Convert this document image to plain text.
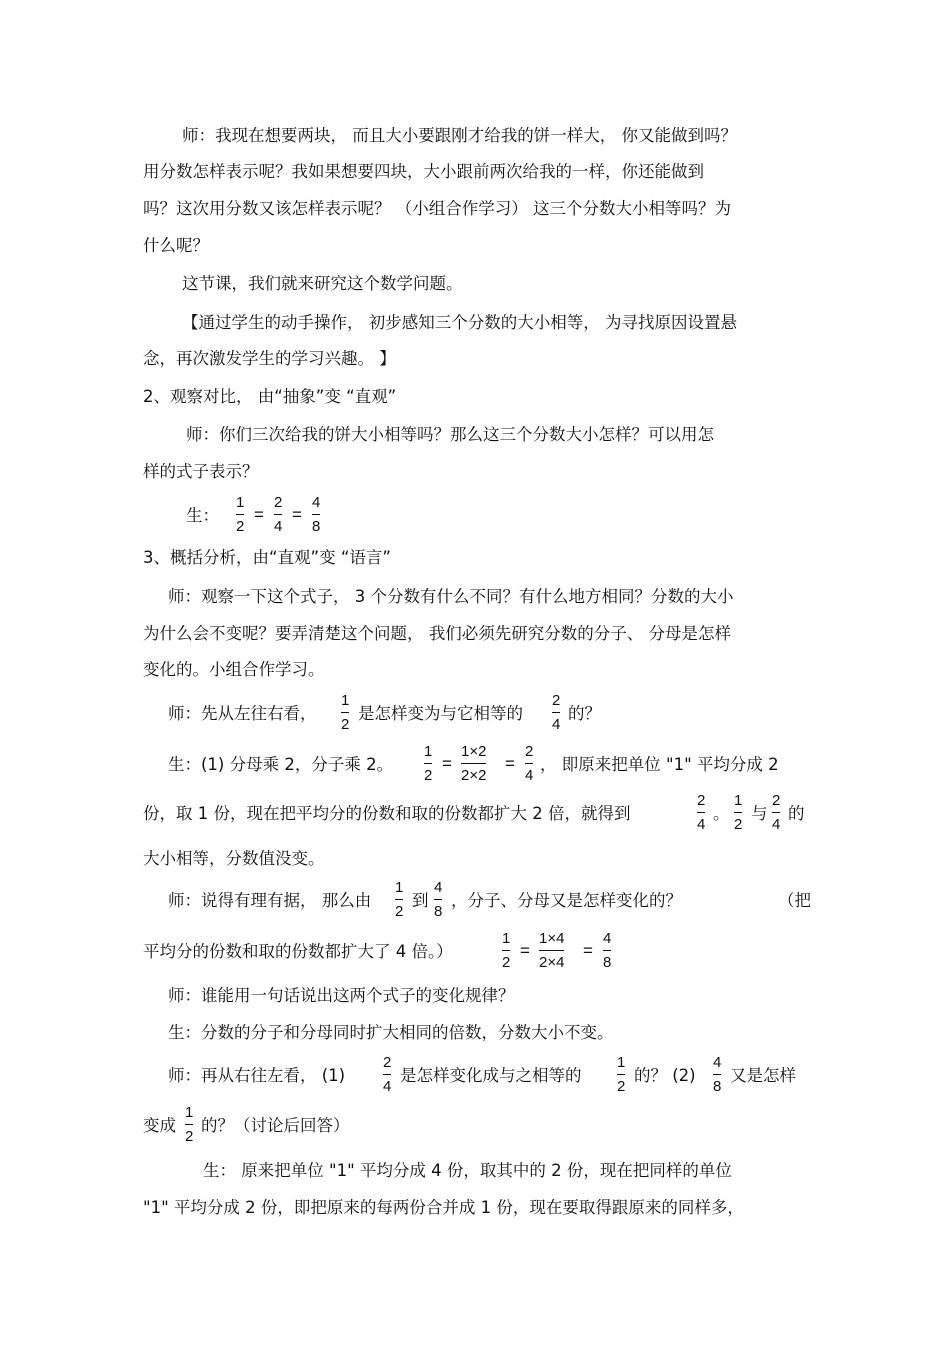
师：我现在想要两块， 而且大小要跟刚才给我的饼一样大， 你又能做到吗？
用分数怎样表示呢？我如果想要四块，大小跟前两次给我的一样，你还能做到
吗？这次用分数又该怎样表示呢？ （小组合作学习） 这三个分数大小相等吗？为
什么呢？
这节课，我们就来研究这个数学问题。
【通过学生的动手操作， 初步感知三个分数的大小相等， 为寻找原因设置悬
念，再次激发学生的学习兴趣。 】
2、观察对比， 由“抽象”变 “直观”
师：你们三次给我的饼大小相等吗？那么这三个分数大小怎样？可以用怎
样的式子表示？
生：
1
2
=
2
4
=
4
8
3、概括分析，由“直观”变 “语言”
师：观察一下这个式子， 3 个分数有什么不同？有什么地方相同？分数的大小
为什么会不变呢？要弄清楚这个问题， 我们必须先研究分数的分子、 分母是怎样
变化的。小组合作学习。
师：先从左往右看，
1
2
是怎样变为与它相等的
2
4
的？
生：(1) 分母乘 2，分子乘 2。
1
2
=
1×2
2×2
=
2
4
， 即原来把单位 "1" 平均分成 2
份，取 1 份，现在把平均分的份数和取的份数都扩大 2 倍，就得到
2
4
。
1
2
与
2
4
的
大小相等，分数值没变。
师：说得有理有据， 那么由
1
2
到
4
8
，分子、分母又是怎样变化的？	（把
平均分的份数和取的份数都扩大了 4 倍。）
1
2
=
1×4
2×4
=
4
8
师：谁能用一句话说出这两个式子的变化规律？
生：分数的分子和分母同时扩大相同的倍数，分数大小不变。
师：再从右往左看， (1)
2
4
是怎样变化成与之相等的
1
2
的？ (2)
4
8
又是怎样
变成
1
2
的？（讨论后回答）
生： 原来把单位 "1" 平均分成 4 份，取其中的 2 份，现在把同样的单位
"1" 平均分成 2 份，即把原来的每两份合并成 1 份，现在要取得跟原来的同样多，
